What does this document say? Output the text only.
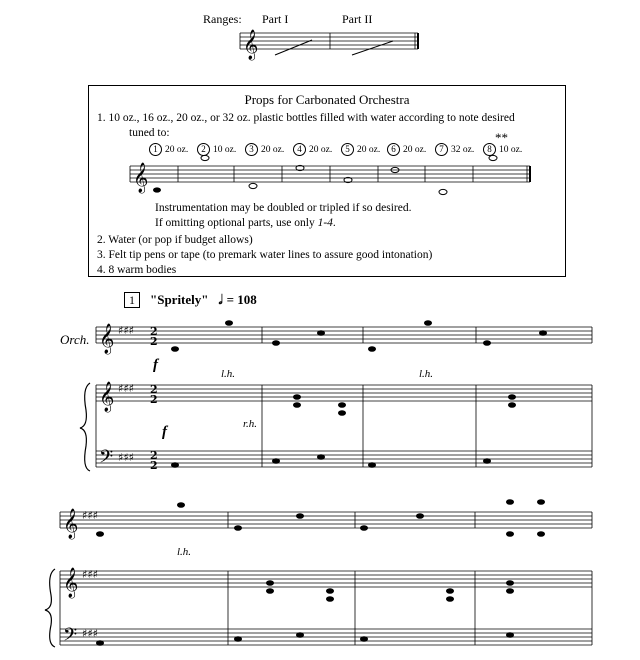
Ranges: Part I	Part II
Props for Carbonated Orchestra
1. 10 oz., 16 oz., 20 oz., or 32 oz. plastic bottles filled with water according to note desired
tuned to:
1 20 oz.	2 10 oz.	3 20 oz.	4 20 oz.	5 20 oz.	6 20 oz.	7 32 oz.	8 10 oz.
**
Instrumentation may be doubled or tripled if so desired.
If omitting optional parts, use only 1-4.
2. Water (or pop if budget allows)
3. Felt tip pens or tape (to premark water lines to assure good intonation)
4. 8 warm bodies
1 "Spritely" 𝅗𝅥 = 108
Orch.
f
f
l.h.	l.h.
r.h.
l.h.
𝄞
𝄞
𝄞
𝄞
𝄢
𝄞
𝄞
𝄢
♯♯♯
♯♯♯
♯♯♯
♯♯♯
♯♯♯
♯♯♯
2
2
2
2
2
2
